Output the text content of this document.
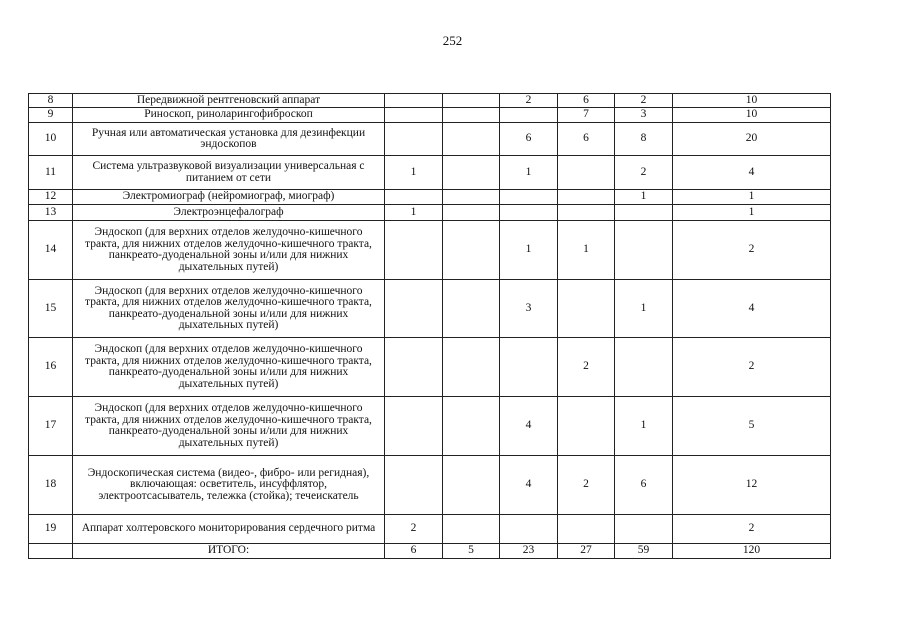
252
8	Передвижной рентгеновский аппарат			2	6	2	10
9	Риноскоп, риноларингофиброскоп				7	3	10
10	Ручная или автоматическая установка для дезинфекции эндоскопов			6	6	8	20
11	Система ультразвуковой визуализации универсальная с питанием от сети	1		1		2	4
12	Электромиограф (нейромиограф, миограф)					1	1
13	Электроэнцефалограф	1					1
14	Эндоскоп (для верхних отделов желудочно-кишечного тракта, для нижних отделов желудочно-кишечного тракта, панкреато-дуоденальной зоны и/или для нижних дыхательных путей)			1	1		2
15	Эндоскоп (для верхних отделов желудочно-кишечного тракта, для нижних отделов желудочно-кишечного тракта, панкреато-дуоденальной зоны и/или для нижних дыхательных путей)			3		1	4
16	Эндоскоп (для верхних отделов желудочно-кишечного тракта, для нижних отделов желудочно-кишечного тракта, панкреато-дуоденальной зоны и/или для нижних дыхательных путей)				2		2
17	Эндоскоп (для верхних отделов желудочно-кишечного тракта, для нижних отделов желудочно-кишечного тракта, панкреато-дуоденальной зоны и/или для нижних дыхательных путей)			4		1	5
18	Эндоскопическая система (видео-, фибро- или регидная), включающая: осветитель, инсуффлятор, электроотсасыватель, тележка (стойка); течеискатель			4	2	6	12
19	Аппарат холтеровского мониторирования сердечного ритма	2					2
	ИТОГО:	6	5	23	27	59	120
